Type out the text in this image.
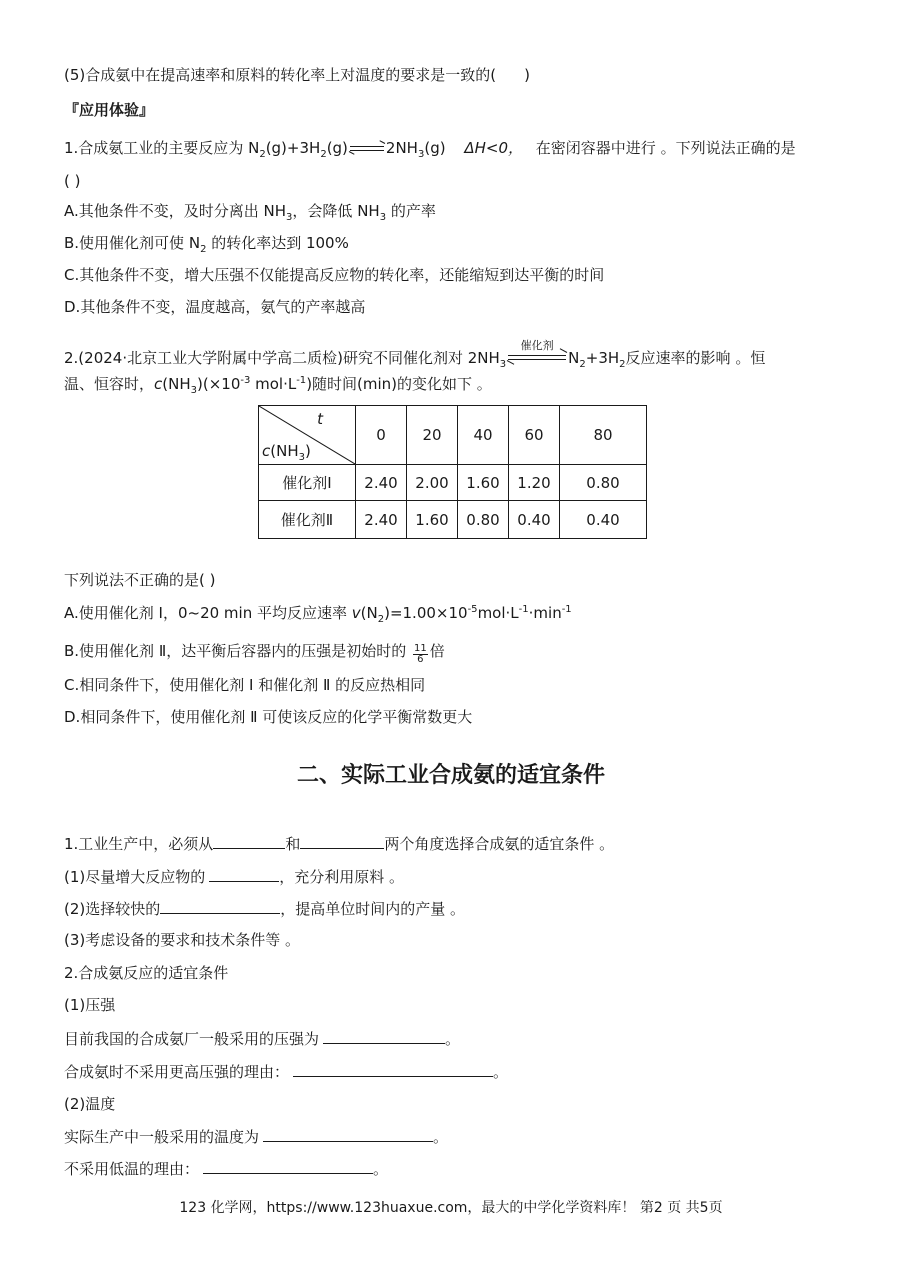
(5)合成氨中在提高速率和原料的转化率上对温度的要求是一致的( )
『应用体验』
1.合成氨工业的主要反应为 $N_2(g)+3H_2(g)$	$2NH_3(g)$ ΔH<0， 在密闭容器中进行 。下列说法正确的是
( )
A.其他条件不变，及时分离出 $NH_3$，会降低 $NH_3$ 的产率
B.使用催化剂可使 $N_2$ 的转化率达到 100%
C.其他条件不变，增大压强不仅能提高反应物的转化率，还能缩短到达平衡的时间
D.其他条件不变，温度越高，氨气的产率越高
2.(2024·北京工业大学附属中学高二质检)研究不同催化剂对 $2NH_3$
催化剂
$N_2+3H_2$反应速率的影响 。恒
温、恒容时，$c(NH_3)(\times 10^{-3}$ $mol\cdot L^{-1}$)随时间(min)的变化如下 。
t
$c(NH_3)$	0	20	40	60	80
催化剂Ⅰ	2.40	2.00	1.60	1.20	0.80
催化剂Ⅱ	2.40	1.60	0.80	0.40	0.40
下列说法不正确的是( )
A.使用催化剂 Ⅰ，0~20 min 平均反应速率 $v(N_2)=1.00\times 10^{-5}mol\cdot L^{-1}\cdot\min^{-1}$
B.使用催化剂 Ⅱ，达平衡后容器内的压强是初始时的 $\frac{11}{6}$ 倍
C.相同条件下，使用催化剂 Ⅰ 和催化剂 Ⅱ 的反应热相同
D.相同条件下，使用催化剂 Ⅱ 可使该反应的化学平衡常数更大
二、实际工业合成氨的适宜条件
1.工业生产中，必须从	和	两个角度选择合成氨的适宜条件 。
(1)尽量增大反应物的	，充分利用原料 。
(2)选择较快的	，提高单位时间内的产量 。
(3)考虑设备的要求和技术条件等 。
2.合成氨反应的适宜条件
(1)压强
目前我国的合成氨厂一般采用的压强为	。
合成氨时不采用更高压强的理由：	。
(2)温度
实际生产中一般采用的温度为	。
不采用低温的理由：	。
123 化学网，https://www.123huaxue.com，最大的中学化学资料库！ 第2 页 共5页
